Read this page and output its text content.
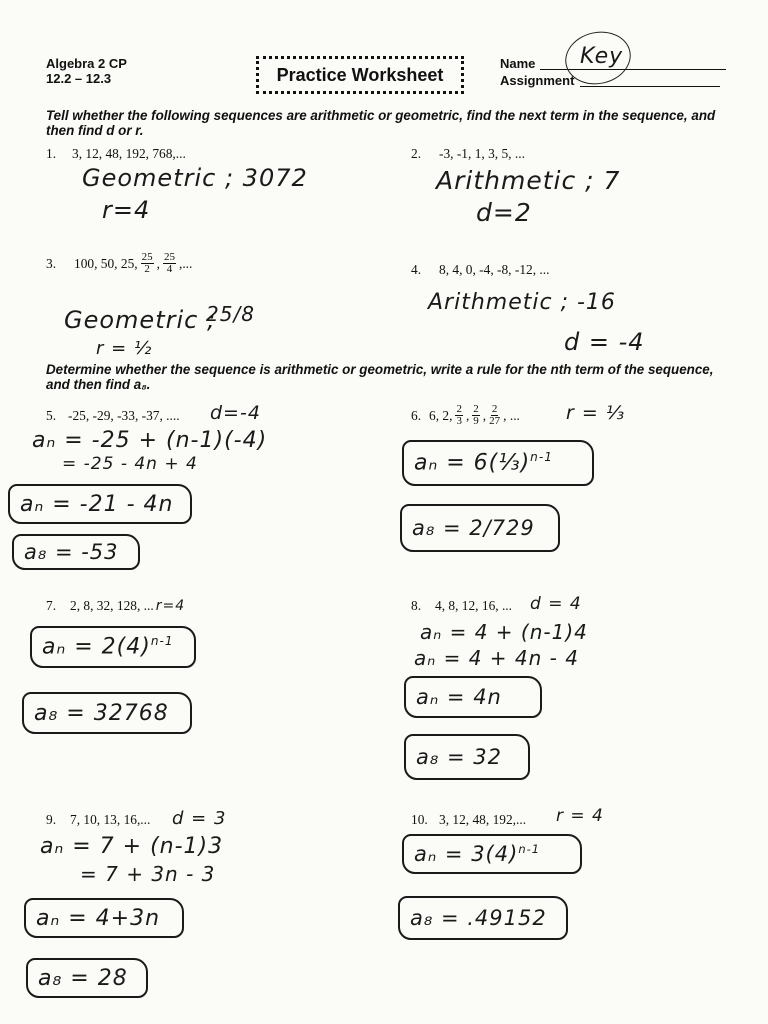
Algebra 2 CP
12.2 – 12.3	Practice Worksheet
Name
Assignment
Key
Tell whether the following sequences are arithmetic or geometric, find the next term in the sequence, and then find d or r.
1.	3, 12, 48, 192, 768,...
Geometric ; 3072
r=4
2.	-3, -1, 1, 3, 5, ...
Arithmetic ; 7
d=2
3.	100, 50, 25, $\frac{25}{2}$ , $\frac{25}{4}$ ,...
Geometric ;
25/8
r = ½
4.	8, 4, 0, -4, -8, -12, ...
Arithmetic ; -16
d = -4
Determine whether the sequence is arithmetic or geometric, write a rule for the nth term of the sequence, and then find a₈.
5. -25, -29, -33, -37, .... d=-4
aₙ = -25 + (n-1)(-4)
= -25 - 4n + 4
aₙ = -21 - 4n
a₈ = -53
6. 6, 2, $\frac{2}{3}$ , $\frac{2}{9}$ , $\frac{2}{27}$ , ... r = ⅓
aₙ = 6(⅓)$^{n-1}$
a₈ = 2/729
7.	2, 8, 32, 128, ... r=4
$a_n = 2(4)^{n-1}$
a₈ = 32768
8.	4, 8, 12, 16, ... d = 4
aₙ = 4 + (n-1)4
aₙ = 4 + 4n - 4
aₙ = 4n
a₈ = 32
9.	7, 10, 13, 16,... d = 3
aₙ = 7 + (n-1)3
= 7 + 3n - 3
aₙ = 4+3n
a₈ = 28
10. 3, 12, 48, 192,... r = 4
$a_n = 3(4)^{n-1}$
a₈ = .49152
